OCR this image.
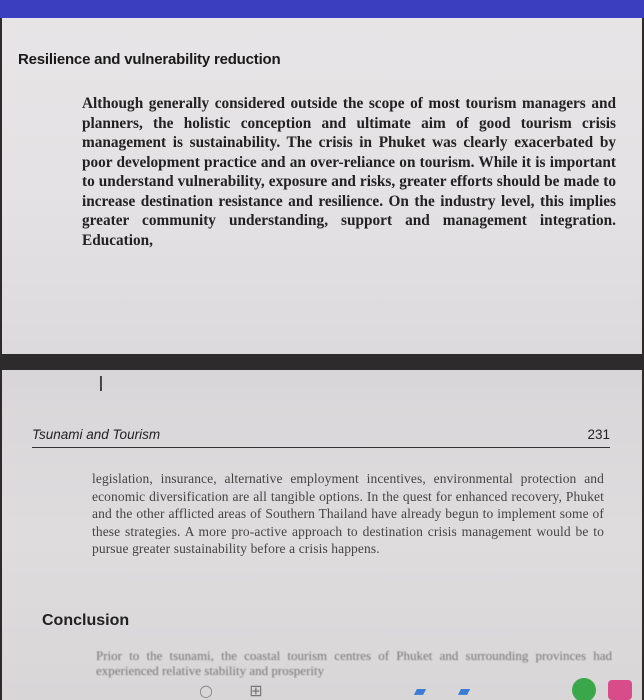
Resilience and vulnerability reduction

Although generally considered outside the scope of most tourism managers and planners, the holistic conception and ultimate aim of good tourism crisis management is sustainability. The crisis in Phuket was clearly exacerbated by poor development practice and an over-reliance on tourism. While it is important to understand vulnerability, exposure and risks, greater efforts should be made to increase destination resistance and resilience. On the industry level, this implies greater community understanding, support and management integration. Education,

I
Tsunami and Tourism	231

legislation, insurance, alternative employment incentives, environmental protection and economic diversification are all tangible options. In the quest for enhanced recovery, Phuket and the other afflicted areas of Southern Thailand have already begun to implement some of these strategies. A more pro-active approach to destination crisis management would be to pursue greater sustainability before a crisis happens.

Conclusion

Prior to the tsunami, the coastal tourism centres of Phuket and surrounding provinces had experienced relative stability and prosperity

○ ⊞	▰ ▰
